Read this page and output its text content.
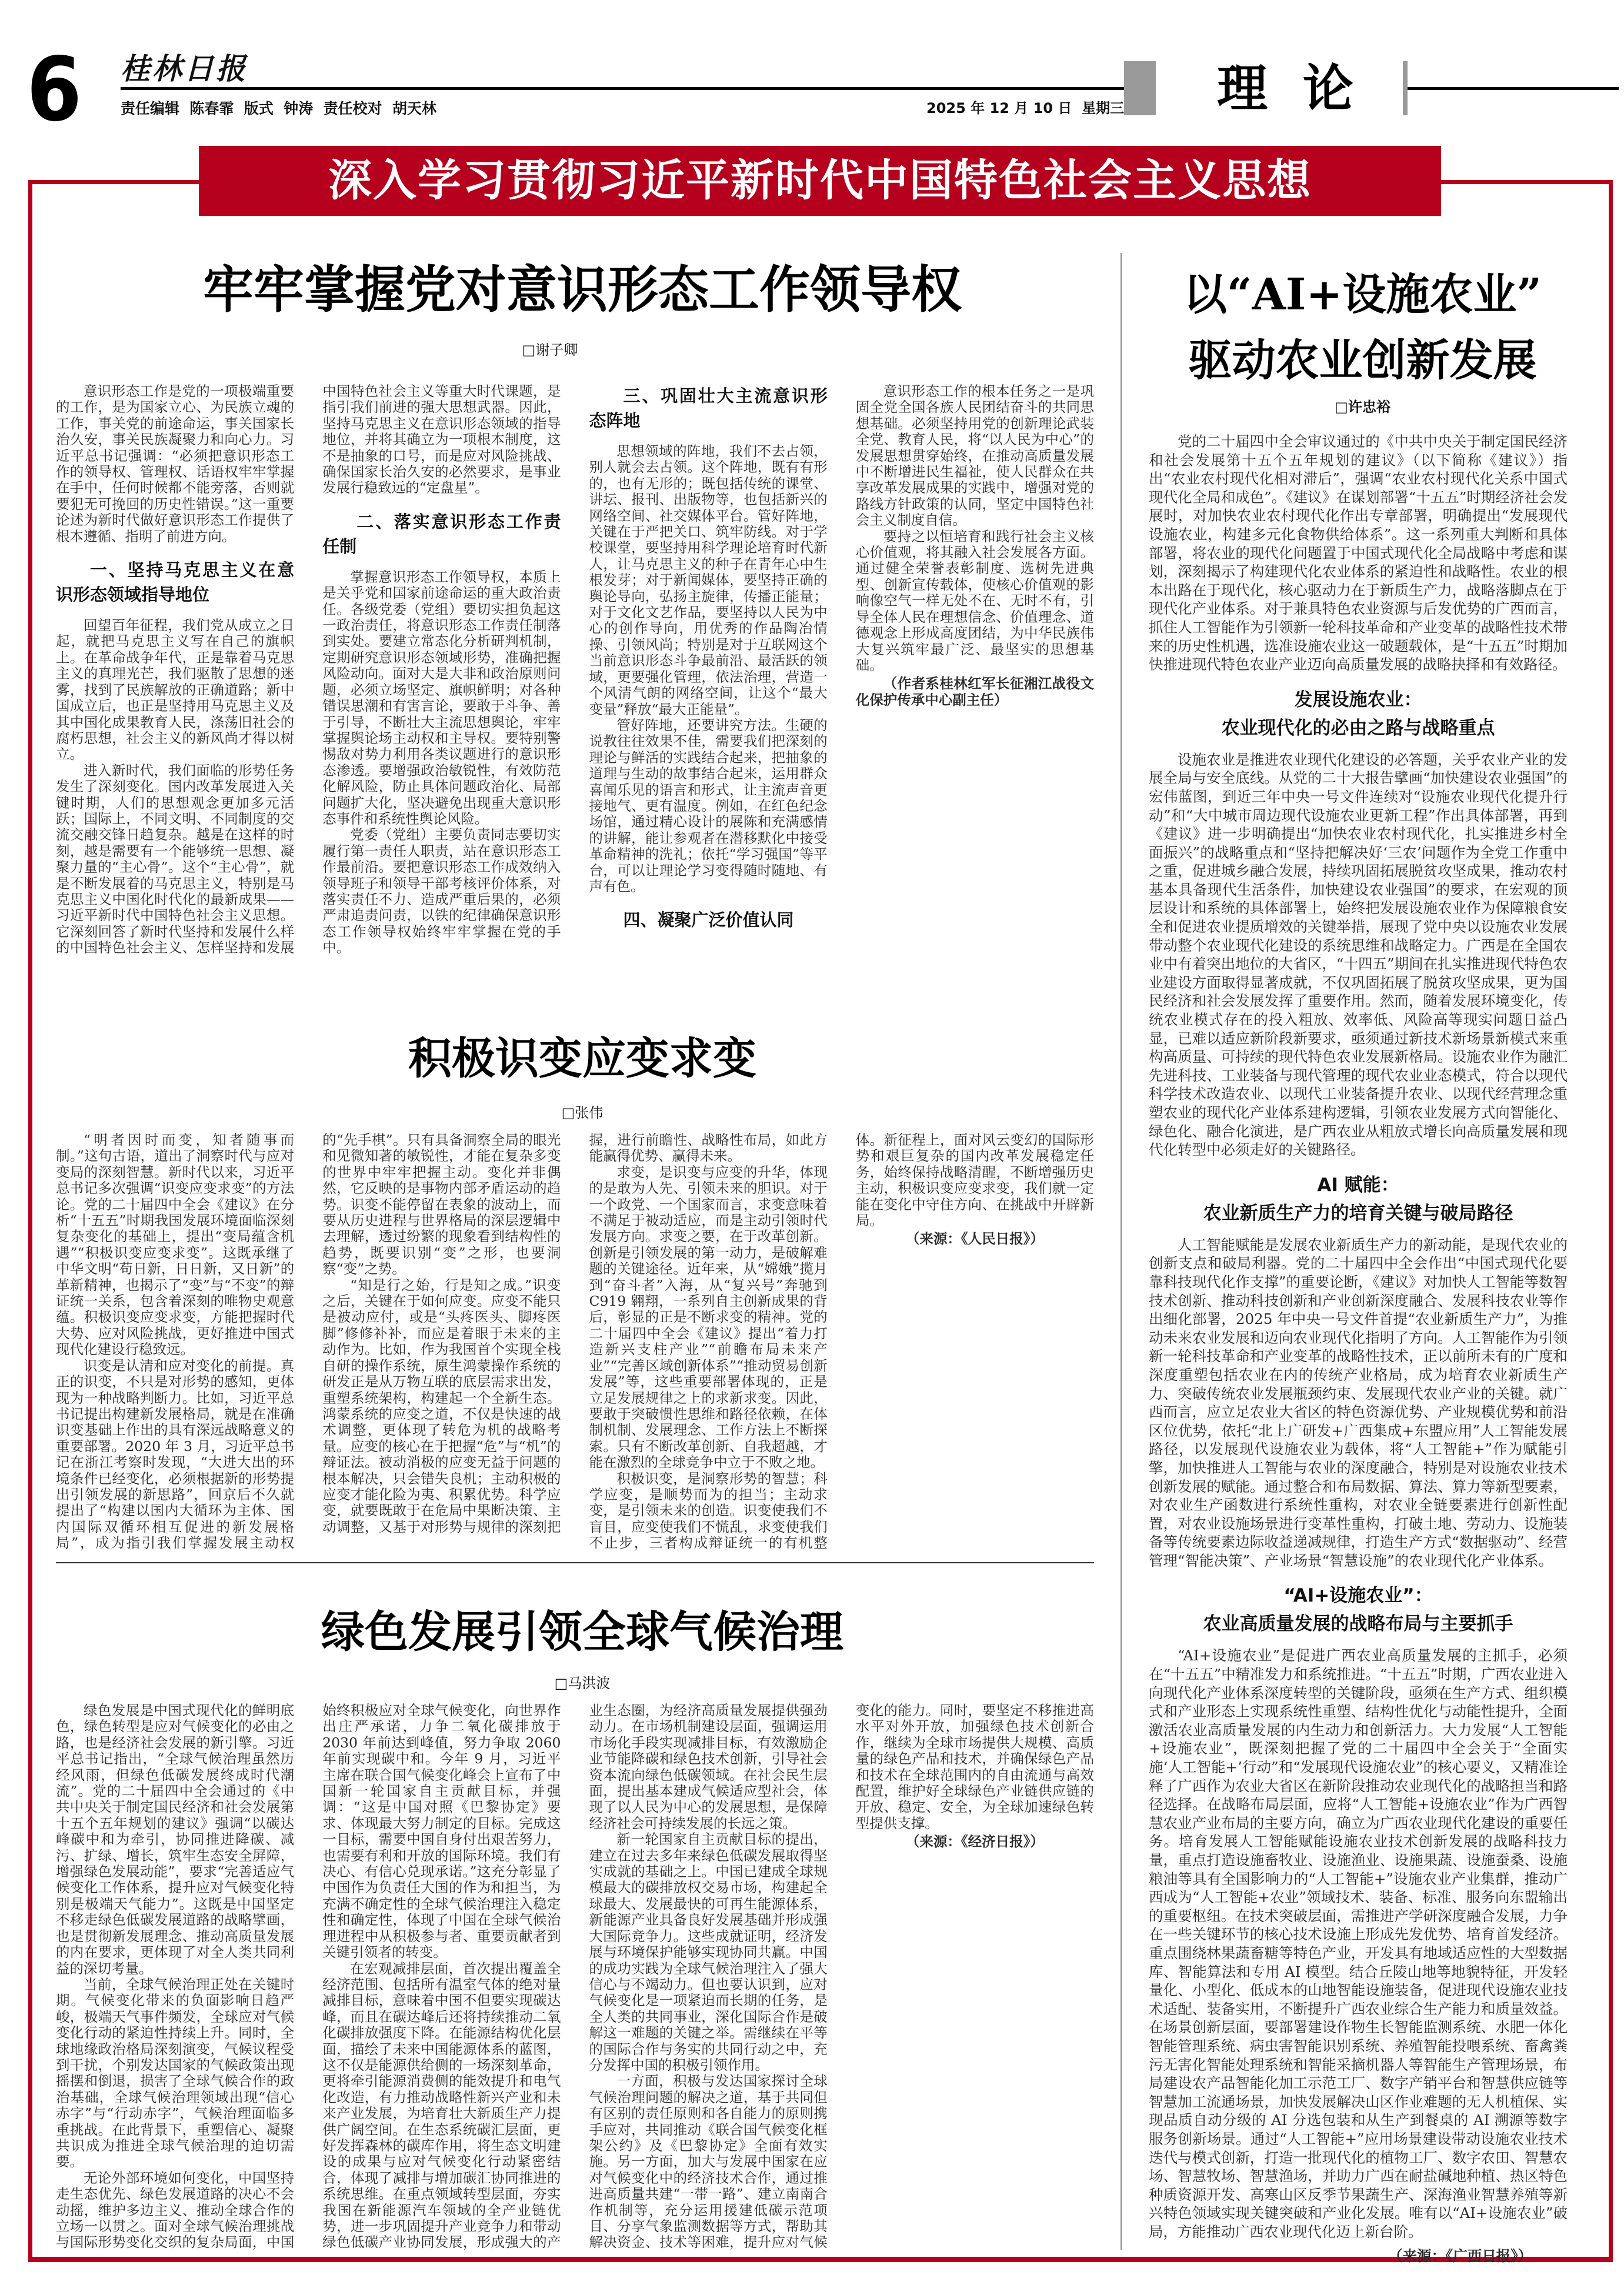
6 桂林日报
责任编辑  陈春霏  版式  钟涛  责任校对  胡天林	2025 年 12 月 10 日  星期三	理  论
深入学习贯彻习近平新时代中国特色社会主义思想
牢牢掌握党对意识形态工作领导权
□谢子卿

意识形态工作是党的一项极端重要的工作，是为国家立心、为民族立魂的工作，事关党的前途命运，事关国家长治久安，事关民族凝聚力和向心力。习近平总书记强调：“必须把意识形态工作的领导权、管理权、话语权牢牢掌握在手中，任何时候都不能旁落，否则就要犯无可挽回的历史性错误。”这一重要论述为新时代做好意识形态工作提供了根本遵循、指明了前进方向。

一、坚持马克思主义在意识形态领域指导地位

回望百年征程，我们党从成立之日起，就把马克思主义写在自己的旗帜上。在革命战争年代，正是靠着马克思主义的真理光芒，我们驱散了思想的迷雾，找到了民族解放的正确道路；新中国成立后，也正是坚持用马克思主义及其中国化成果教育人民，涤荡旧社会的腐朽思想，社会主义的新风尚才得以树立。

进入新时代，我们面临的形势任务发生了深刻变化。国内改革发展进入关键时期，人们的思想观念更加多元活跃；国际上，不同文明、不同制度的交流交融交锋日趋复杂。越是在这样的时刻，越是需要有一个能够统一思想、凝聚力量的“主心骨”。这个“主心骨”，就是不断发展着的马克思主义，特别是马克思主义中国化时代化的最新成果——习近平新时代中国特色社会主义思想。它深刻回答了新时代坚持和发展什么样的中国特色社会主义、怎样坚持和发展中国特色社会主义等重大时代课题，是指引我们前进的强大思想武器。因此，坚持马克思主义在意识形态领域的指导地位，并将其确立为一项根本制度，这不是抽象的口号，而是应对风险挑战、确保国家长治久安的必然要求，是事业发展行稳致远的“定盘星”。

二、落实意识形态工作责任制

掌握意识形态工作领导权，本质上是关乎党和国家前途命运的重大政治责任。各级党委（党组）要切实担负起这一政治责任，将意识形态工作责任制落到实处。要建立常态化分析研判机制，定期研究意识形态领域形势，准确把握风险动向。面对大是大非和政治原则问题，必须立场坚定、旗帜鲜明；对各种错误思潮和有害言论，要敢于斗争、善于引导，不断壮大主流思想舆论，牢牢掌握舆论场主动权和主导权。要特别警惕敌对势力利用各类议题进行的意识形态渗透。要增强政治敏锐性，有效防范化解风险，防止具体问题政治化、局部问题扩大化，坚决避免出现重大意识形态事件和系统性舆论风险。

党委（党组）主要负责同志要切实履行第一责任人职责，站在意识形态工作最前沿。要把意识形态工作成效纳入领导班子和领导干部考核评价体系，对落实责任不力、造成严重后果的，必须严肃追责问责，以铁的纪律确保意识形态工作领导权始终牢牢掌握在党的手中。

三、巩固壮大主流意识形态阵地

思想领域的阵地，我们不去占领，别人就会去占领。这个阵地，既有有形的，也有无形的；既包括传统的课堂、讲坛、报刊、出版物等，也包括新兴的网络空间、社交媒体平台。管好阵地，关键在于严把关口、筑牢防线。对于学校课堂，要坚持用科学理论培育时代新人，让马克思主义的种子在青年心中生根发芽；对于新闻媒体，要坚持正确的舆论导向，弘扬主旋律，传播正能量；对于文化文艺作品，要坚持以人民为中心的创作导向，用优秀的作品陶冶情操、引领风尚；特别是对于互联网这个当前意识形态斗争最前沿、最活跃的领域，更要强化管理，依法治理，营造一个风清气朗的网络空间，让这个“最大变量”释放“最大正能量”。

管好阵地，还要讲究方法。生硬的说教往往效果不佳，需要我们把深刻的理论与鲜活的实践结合起来，把抽象的道理与生动的故事结合起来，运用群众喜闻乐见的语言和形式，让主流声音更接地气、更有温度。例如，在红色纪念场馆，通过精心设计的展陈和充满感情的讲解，能让参观者在潜移默化中接受革命精神的洗礼；依托“学习强国”等平台，可以让理论学习变得随时随地、有声有色。

四、凝聚广泛价值认同

意识形态工作的根本任务之一是巩固全党全国各族人民团结奋斗的共同思想基础。必须坚持用党的创新理论武装全党、教育人民，将“以人民为中心”的发展思想贯穿始终，在推动高质量发展中不断增进民生福祉，使人民群众在共享改革发展成果的实践中，增强对党的路线方针政策的认同，坚定中国特色社会主义制度自信。

要持之以恒培育和践行社会主义核心价值观，将其融入社会发展各方面。通过健全荣誉表彰制度、选树先进典型、创新宣传载体，使核心价值观的影响像空气一样无处不在、无时不有，引导全体人民在理想信念、价值理念、道德观念上形成高度团结，为中华民族伟大复兴筑牢最广泛、最坚实的思想基础。

（作者系桂林红军长征湘江战役文化保护传承中心副主任）

积极识变应变求变
□张伟

“明者因时而变，知者随事而制。”这句古语，道出了洞察时代与应对变局的深刻智慧。新时代以来，习近平总书记多次强调“识变应变求变”的方法论。党的二十届四中全会《建议》在分析“十五五”时期我国发展环境面临深刻复杂变化的基础上，提出“变局蕴含机遇”“积极识变应变求变”。这既承继了中华文明“苟日新，日日新，又日新”的革新精神，也揭示了“变”与“不变”的辩证统一关系，包含着深刻的唯物史观意蕴。积极识变应变求变，方能把握时代大势、应对风险挑战，更好推进中国式现代化建设行稳致远。

识变是认清和应对变化的前提。真正的识变，不只是对形势的感知，更体现为一种战略判断力。比如，习近平总书记提出构建新发展格局，就是在准确识变基础上作出的具有深远战略意义的重要部署。2020 年 3 月，习近平总书记在浙江考察时发现，“大进大出的环境条件已经变化，必须根据新的形势提出引领发展的新思路”，回京后不久就提出了“构建以国内大循环为主体、国内国际双循环相互促进的新发展格局”，成为指引我们掌握发展主动权的“先手棋”。只有具备洞察全局的眼光和见微知著的敏锐性，才能在复杂多变的世界中牢牢把握主动。变化并非偶然，它反映的是事物内部矛盾运动的趋势。识变不能停留在表象的波动上，而要从历史进程与世界格局的深层逻辑中去理解，透过纷繁的现象看到结构性的趋势，既要识别“变”之形，也要洞察“变”之势。

“知是行之始，行是知之成。”识变之后，关键在于如何应变。应变不能只是被动应付，或是“头疼医头、脚疼医脚”修修补补，而应是着眼于未来的主动作为。比如，作为我国首个实现全栈自研的操作系统，原生鸿蒙操作系统的研发正是从万物互联的底层需求出发，重塑系统架构，构建起一个全新生态。鸿蒙系统的应变之道，不仅是快速的战术调整，更体现了转危为机的战略考量。应变的核心在于把握“危”与“机”的辩证法。被动消极的应变无益于问题的根本解决，只会错失良机；主动积极的应变才能化险为夷、积累优势。科学应变，就要既敢于在危局中果断决策、主动调整，又基于对形势与规律的深刻把握，进行前瞻性、战略性布局，如此方能赢得优势、赢得未来。

求变，是识变与应变的升华，体现的是敢为人先、引领未来的胆识。对于一个政党、一个国家而言，求变意味着不满足于被动适应，而是主动引领时代发展方向。求变之要，在于改革创新。创新是引领发展的第一动力，是破解难题的关键途径。近年来，从“嫦娥”揽月到“奋斗者”入海，从“复兴号”奔驰到 C919 翱翔，一系列自主创新成果的背后，彰显的正是不断求变的精神。党的二十届四中全会《建议》提出“着力打造新兴支柱产业”“前瞻布局未来产业”“完善区域创新体系”“推动贸易创新发展”等，这些重要部署体现的，正是立足发展规律之上的求新求变。因此，要敢于突破惯性思维和路径依赖，在体制机制、发展理念、工作方法上不断探索。只有不断改革创新、自我超越，才能在激烈的全球竞争中立于不败之地。

积极识变，是洞察形势的智慧；科学应变，是顺势而为的担当；主动求变，是引领未来的创造。识变使我们不盲目，应变使我们不慌乱，求变使我们不止步，三者构成辩证统一的有机整体。新征程上，面对风云变幻的国际形势和艰巨复杂的国内改革发展稳定任务，始终保持战略清醒，不断增强历史主动，积极识变应变求变，我们就一定能在变化中守住方向、在挑战中开辟新局。

（来源：《人民日报》）

绿色发展引领全球气候治理
□马洪波

绿色发展是中国式现代化的鲜明底色，绿色转型是应对气候变化的必由之路，也是经济社会发展的新引擎。习近平总书记指出，“全球气候治理虽然历经风雨，但绿色低碳发展终成时代潮流”。党的二十届四中全会通过的《中共中央关于制定国民经济和社会发展第十五个五年规划的建议》强调“以碳达峰碳中和为牵引，协同推进降碳、减污、扩绿、增长，筑牢生态安全屏障，增强绿色发展动能”，要求“完善适应气候变化工作体系，提升应对气候变化特别是极端天气能力”。这既是中国坚定不移走绿色低碳发展道路的战略擘画，也是贯彻新发展理念、推动高质量发展的内在要求，更体现了对全人类共同利益的深切考量。

当前，全球气候治理正处在关键时期。气候变化带来的负面影响日趋严峻，极端天气事件频发，全球应对气候变化行动的紧迫性持续上升。同时，全球地缘政治格局深刻演变，气候议程受到干扰，个别发达国家的气候政策出现摇摆和倒退，损害了全球气候合作的政治基础，全球气候治理领域出现“信心赤字”与“行动赤字”，气候治理面临多重挑战。在此背景下，重塑信心、凝聚共识成为推进全球气候治理的迫切需要。

无论外部环境如何变化，中国坚持走生态优先、绿色发展道路的决心不会动摇，维护多边主义、推动全球合作的立场一以贯之。面对全球气候治理挑战与国际形势变化交织的复杂局面，中国始终积极应对全球气候变化，向世界作出庄严承诺，力争二氧化碳排放于 2030 年前达到峰值，努力争取 2060 年前实现碳中和。今年 9 月，习近平主席在联合国气候变化峰会上宣布了中国新一轮国家自主贡献目标，并强调：“这是中国对照《巴黎协定》要求、体现最大努力制定的目标。完成这一目标，需要中国自身付出艰苦努力，也需要有利和开放的国际环境。我们有决心、有信心兑现承诺。”这充分彰显了中国作为负责任大国的作为和担当，为充满不确定性的全球气候治理注入稳定性和确定性，体现了中国在全球气候治理进程中从积极参与者、重要贡献者到关键引领者的转变。

在宏观减排层面，首次提出覆盖全经济范围、包括所有温室气体的绝对量减排目标，意味着中国不但要实现碳达峰，而且在碳达峰后还将持续推动二氧化碳排放强度下降。在能源结构优化层面，描绘了未来中国能源体系的蓝图，这不仅是能源供给侧的一场深刻革命，更将牵引能源消费侧的能效提升和电气化改造，有力推动战略性新兴产业和未来产业发展，为培育壮大新质生产力提供广阔空间。在生态系统碳汇层面，更好发挥森林的碳库作用，将生态文明建设的成果与应对气候变化行动紧密结合，体现了减排与增加碳汇协同推进的系统思维。在重点领域转型层面，夯实我国在新能源汽车领域的全产业链优势，进一步巩固提升产业竞争力和带动绿色低碳产业协同发展，形成强大的产业生态圈，为经济高质量发展提供强劲动力。在市场机制建设层面，强调运用市场化手段实现减排目标，有效激励企业节能降碳和绿色技术创新，引导社会资本流向绿色低碳领域。在社会民生层面，提出基本建成气候适应型社会，体现了以人民为中心的发展思想，是保障经济社会可持续发展的长远之策。

新一轮国家自主贡献目标的提出，建立在过去多年来绿色低碳发展取得坚实成就的基础之上。中国已建成全球规模最大的碳排放权交易市场，构建起全球最大、发展最快的可再生能源体系，新能源产业具备良好发展基础并形成强大国际竞争力。这些成就证明，经济发展与环境保护能够实现协同共赢。中国的成功实践为全球气候治理注入了强大信心与不竭动力。但也要认识到，应对气候变化是一项紧迫而长期的任务，是全人类的共同事业，深化国际合作是破解这一难题的关键之举。需继续在平等的国际合作与务实的共同行动之中，充分发挥中国的积极引领作用。

一方面，积极与发达国家探讨全球气候治理问题的解决之道，基于共同但有区别的责任原则和各自能力的原则携手应对，共同推动《联合国气候变化框架公约》及《巴黎协定》全面有效实施。另一方面，加大与发展中国家在应对气候变化中的经济技术合作，通过推进高质量共建“一带一路”、建立南南合作机制等，充分运用援建低碳示范项目、分享气象监测数据等方式，帮助其解决资金、技术等困难，提升应对气候变化的能力。同时，要坚定不移推进高水平对外开放，加强绿色技术创新合作，继续为全球市场提供大规模、高质量的绿色产品和技术，并确保绿色产品和技术在全球范围内的自由流通与高效配置，维护好全球绿色产业链供应链的开放、稳定、安全，为全球加速绿色转型提供支撑。

（来源：《经济日报》）

以“AI+设施农业”
驱动农业创新发展
□许忠裕

党的二十届四中全会审议通过的《中共中央关于制定国民经济和社会发展第十五个五年规划的建议》（以下简称《建议》）指出“农业农村现代化相对滞后”，强调“农业农村现代化关系中国式现代化全局和成色”。《建议》在谋划部署“十五五”时期经济社会发展时，对加快农业农村现代化作出专章部署，明确提出“发展现代设施农业，构建多元化食物供给体系”。这一系列重大判断和具体部署，将农业的现代化问题置于中国式现代化全局战略中考虑和谋划，深刻揭示了构建现代化农业体系的紧迫性和战略性。农业的根本出路在于现代化，核心驱动力在于新质生产力，战略落脚点在于现代化产业体系。对于兼具特色农业资源与后发优势的广西而言，抓住人工智能作为引领新一轮科技革命和产业变革的战略性技术带来的历史性机遇，选准设施农业这一破题载体，是“十五五”时期加快推进现代特色农业产业迈向高质量发展的战略抉择和有效路径。

发展设施农业：
农业现代化的必由之路与战略重点

设施农业是推进农业现代化建设的必答题，关乎农业产业的发展全局与安全底线。从党的二十大报告擘画“加快建设农业强国”的宏伟蓝图，到近三年中央一号文件连续对“设施农业现代化提升行动”和“大中城市周边现代设施农业更新工程”作出具体部署，再到《建议》进一步明确提出“加快农业农村现代化，扎实推进乡村全面振兴”的战略重点和“坚持把解决好‘三农’问题作为全党工作重中之重，促进城乡融合发展，持续巩固拓展脱贫攻坚成果，推动农村基本具备现代生活条件，加快建设农业强国”的要求，在宏观的顶层设计和系统的具体部署上，始终把发展设施农业作为保障粮食安全和促进农业提质增效的关键举措，展现了党中央以设施农业发展带动整个农业现代化建设的系统思维和战略定力。广西是在全国农业中有着突出地位的大省区，“十四五”期间在扎实推进现代特色农业建设方面取得显著成就，不仅巩固拓展了脱贫攻坚成果，更为国民经济和社会发展发挥了重要作用。然而，随着发展环境变化，传统农业模式存在的投入粗放、效率低、风险高等现实问题日益凸显，已难以适应新阶段新要求，亟须通过新技术新场景新模式来重构高质量、可持续的现代特色农业发展新格局。设施农业作为融汇先进科技、工业装备与现代管理的现代农业业态模式，符合以现代科学技术改造农业、以现代工业装备提升农业、以现代经营理念重塑农业的现代化产业体系建构逻辑，引领农业发展方式向智能化、绿色化、融合化演进，是广西农业从粗放式增长向高质量发展和现代化转型中必须走好的关键路径。

AI 赋能：
农业新质生产力的培育关键与破局路径

人工智能赋能是发展农业新质生产力的新动能，是现代农业的创新支点和破局利器。党的二十届四中全会作出“中国式现代化要靠科技现代化作支撑”的重要论断，《建议》对加快人工智能等数智技术创新、推动科技创新和产业创新深度融合、发展科技农业等作出细化部署，2025 年中央一号文件首提“农业新质生产力”，为推动未来农业发展和迈向农业现代化指明了方向。人工智能作为引领新一轮科技革命和产业变革的战略性技术，正以前所未有的广度和深度重塑包括农业在内的传统产业格局，成为培育农业新质生产力、突破传统农业发展瓶颈约束、发展现代农业产业的关键。就广西而言，应立足农业大省区的特色资源优势、产业规模优势和前沿区位优势，依托“北上广研发+广西集成+东盟应用”人工智能发展路径，以发展现代设施农业为载体，将“人工智能+”作为赋能引擎，加快推进人工智能与农业的深度融合，特别是对设施农业技术创新发展的赋能。通过整合和布局数据、算法、算力等新型要素，对农业生产函数进行系统性重构，对农业全链要素进行创新性配置，对农业设施场景进行变革性重构，打破土地、劳动力、设施装备等传统要素边际收益递减规律，打造生产方式“数据驱动”、经营管理“智能决策”、产业场景“智慧设施”的农业现代化产业体系。

“AI+设施农业”：
农业高质量发展的战略布局与主要抓手

“AI+设施农业”是促进广西农业高质量发展的主抓手，必须在“十五五”中精准发力和系统推进。“十五五”时期，广西农业进入向现代化产业体系深度转型的关键阶段，亟须在生产方式、组织模式和产业形态上实现系统性重塑、结构性优化与动能性提升，全面激活农业高质量发展的内生动力和创新活力。大力发展“人工智能+设施农业”，既深刻把握了党的二十届四中全会关于“全面实施‘人工智能+’行动”和“发展现代设施农业”的核心要义，又精准诠释了广西作为农业大省区在新阶段推动农业现代化的战略担当和路径选择。在战略布局层面，应将“人工智能+设施农业”作为广西智慧农业产业布局的主要方向，确立为广西农业现代化建设的重要任务。培育发展人工智能赋能设施农业技术创新发展的战略科技力量，重点打造设施畜牧业、设施渔业、设施果蔬、设施蚕桑、设施粮油等具有全国影响力的“人工智能+”设施农业产业集群，推动广西成为“人工智能+农业”领域技术、装备、标准、服务向东盟输出的重要枢纽。在技术突破层面，需推进产学研深度融合发展，力争在一些关键环节的核心技术设施上形成先发优势、培育首发经济。重点围绕林果蔬畜糖等特色产业，开发具有地域适应性的大型数据库、智能算法和专用 AI 模型。结合丘陵山地等地貌特征，开发轻量化、小型化、低成本的山地智能设施装备，促进现代设施农业技术适配、装备实用，不断提升广西农业综合生产能力和质量效益。在场景创新层面，要部署建设作物生长智能监测系统、水肥一体化智能管理系统、病虫害智能识别系统、养殖智能投喂系统、畜禽粪污无害化智能处理系统和智能采摘机器人等智能生产管理场景，布局建设农产品智能化加工示范工厂、数字产销平台和智慧供应链等智慧加工流通场景，加快发展解决山区作业难题的无人机植保、实现品质自动分级的 AI 分选包装和从生产到餐桌的 AI 溯源等数字服务创新场景。通过“人工智能+”应用场景建设带动设施农业技术迭代与模式创新，打造一批现代化的植物工厂、数字农田、智慧农场、智慧牧场、智慧渔场，并助力广西在耐盐碱地种植、热区特色种质资源开发、高寒山区反季节果蔬生产、深海渔业智慧养殖等新兴特色领域实现关键突破和产业化发展。唯有以“AI+设施农业”破局，方能推动广西农业现代化迈上新台阶。

（来源：《广西日报》）
